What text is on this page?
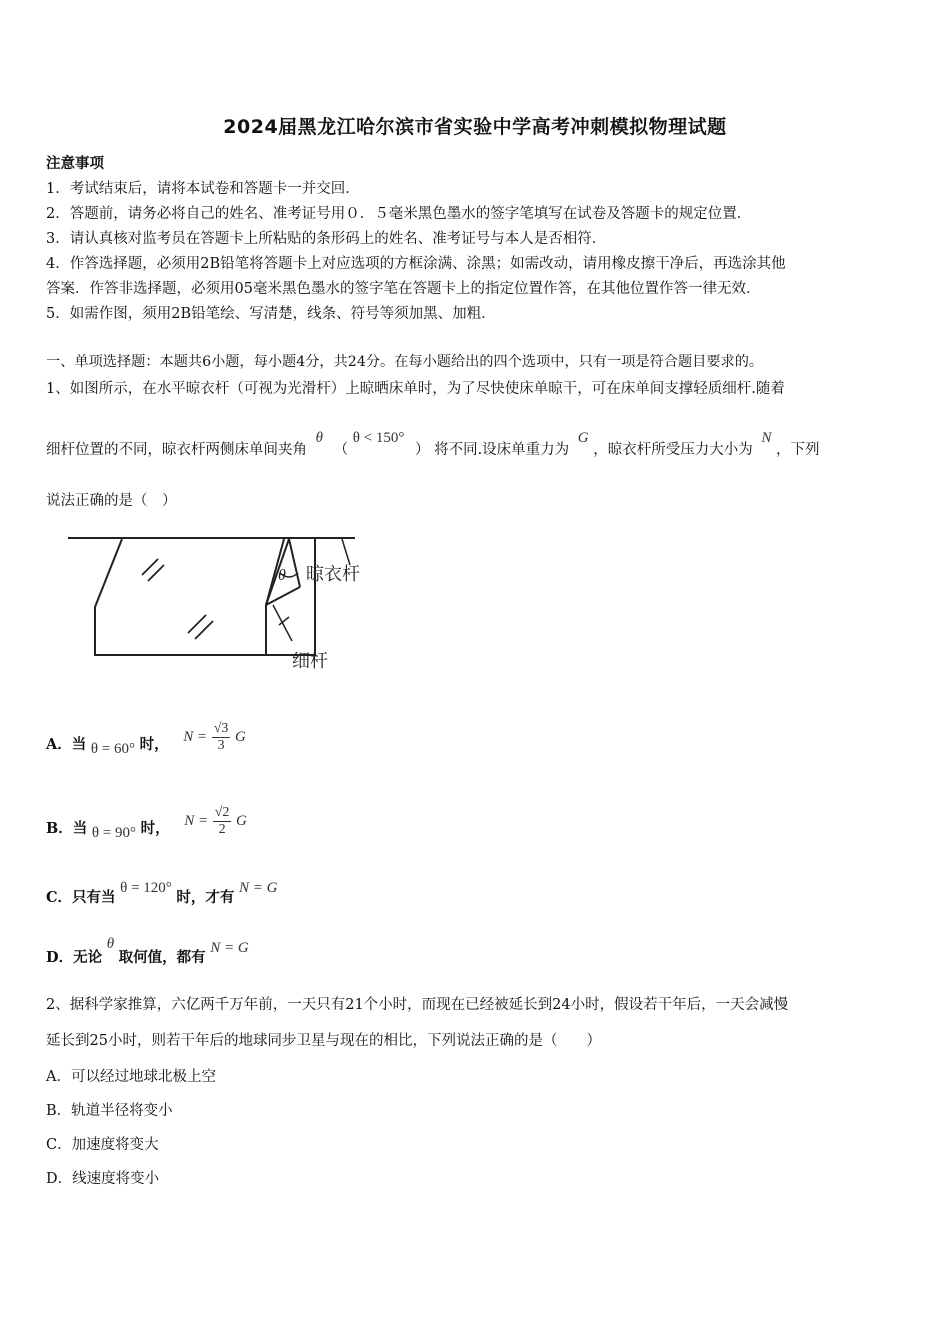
2024届黑龙江哈尔滨市省实验中学高考冲刺模拟物理试题
注意事项
1．考试结束后，请将本试卷和答题卡一并交回．
2．答题前，请务必将自己的姓名、准考证号用０．５毫米黑色墨水的签字笔填写在试卷及答题卡的规定位置．
3．请认真核对监考员在答题卡上所粘贴的条形码上的姓名、准考证号与本人是否相符．
4．作答选择题，必须用2B铅笔将答题卡上对应选项的方框涂满、涂黑；如需改动，请用橡皮擦干净后，再选涂其他
答案．作答非选择题，必须用05毫米黑色墨水的签字笔在答题卡上的指定位置作答，在其他位置作答一律无效．
5．如需作图，须用2B铅笔绘、写清楚，线条、符号等须加黑、加粗．
一、单项选择题：本题共6小题，每小题4分，共24分。在每小题给出的四个选项中，只有一项是符合题目要求的。
1、如图所示，在水平晾衣杆（可视为光滑杆）上晾晒床单时，为了尽快使床单晾干，可在床单间支撑轻质细杆.随着
细杆位置的不同，晾衣杆两侧床单间夹角 θ （ θ < 150° ） 将不同.设床单重力为 G ，晾衣杆所受压力大小为 N ，下列
说法正确的是（　）
θ 晾衣杆
细杆
A．当 θ = 60° 时， $N = \frac{√3}{3}$ G
B．当 θ = 90° 时， $N = \frac{√2}{2}$ G
C．只有当 θ = 120° 时，才有 N = G
D．无论 θ 取何值，都有 N = G
2、据科学家推算，六亿两千万年前，一天只有21个小时，而现在已经被延长到24小时，假设若干年后，一天会减慢
延长到25小时，则若干年后的地球同步卫星与现在的相比，下列说法正确的是（　　）
A．可以经过地球北极上空
B．轨道半径将变小
C．加速度将变大
D．线速度将变小
